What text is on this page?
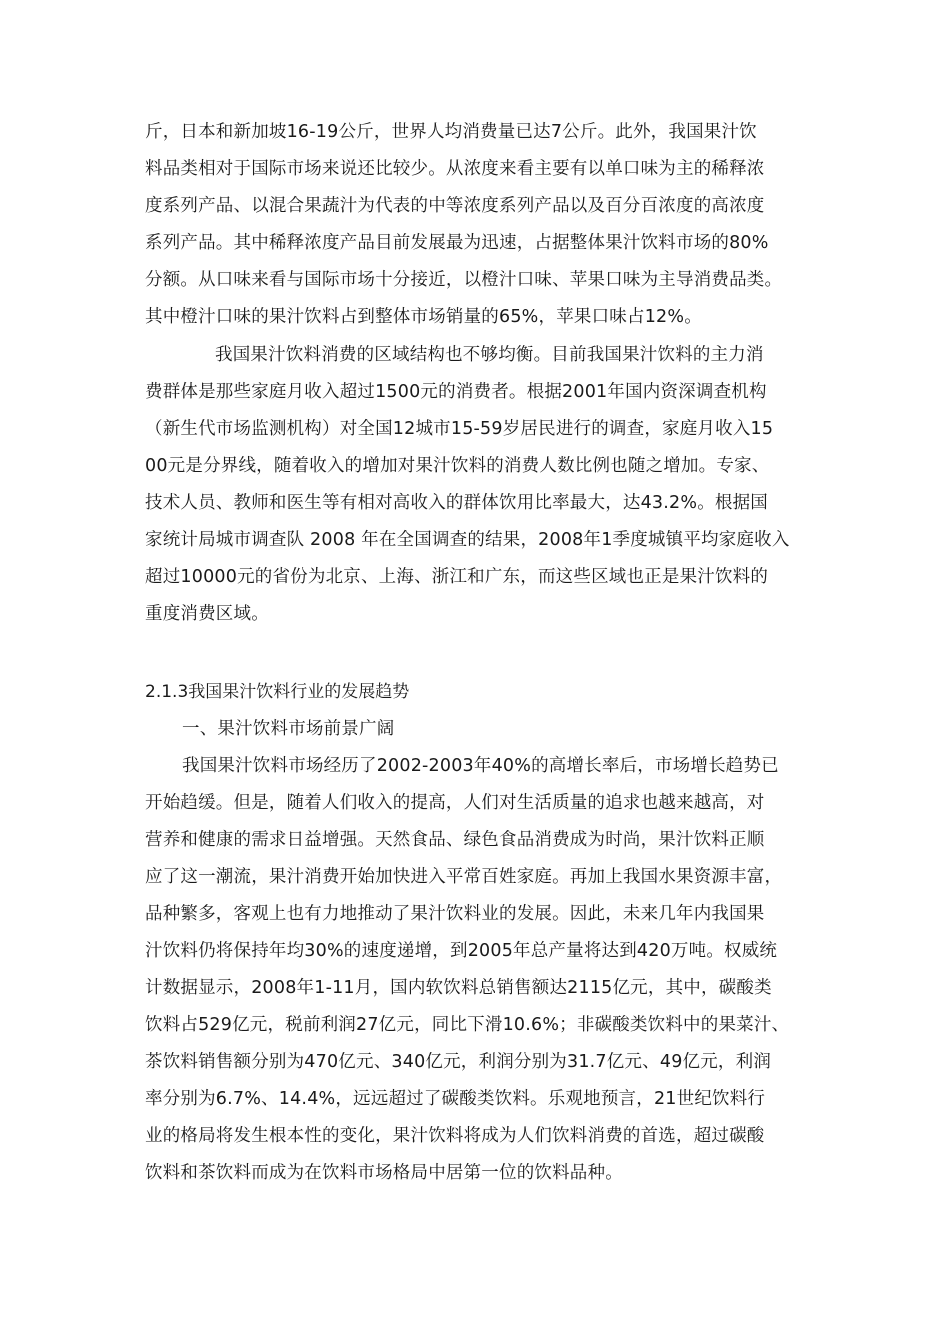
斤，日本和新加坡16-19公斤，世界人均消费量已达7公斤。此外，我国果汁饮
料品类相对于国际市场来说还比较少。从浓度来看主要有以单口味为主的稀释浓
度系列产品、以混合果蔬汁为代表的中等浓度系列产品以及百分百浓度的高浓度
系列产品。其中稀释浓度产品目前发展最为迅速，占据整体果汁饮料市场的80%
分额。从口味来看与国际市场十分接近，以橙汁口味、苹果口味为主导消费品类。
其中橙汁口味的果汁饮料占到整体市场销量的65%，苹果口味占12%。
我国果汁饮料消费的区域结构也不够均衡。目前我国果汁饮料的主力消
费群体是那些家庭月收入超过1500元的消费者。根据2001年国内资深调查机构
（新生代市场监测机构）对全国12城市15-59岁居民进行的调查，家庭月收入15
00元是分界线，随着收入的增加对果汁饮料的消费人数比例也随之增加。专家、
技术人员、教师和医生等有相对高收入的群体饮用比率最大，达43.2%。根据国
家统计局城市调查队 2008 年在全国调查的结果，2008年1季度城镇平均家庭收入
超过10000元的省份为北京、上海、浙江和广东，而这些区域也正是果汁饮料的
重度消费区域。
2.1.3我国果汁饮料行业的发展趋势
一、果汁饮料市场前景广阔
我国果汁饮料市场经历了2002-2003年40%的高增长率后，市场增长趋势已
开始趋缓。但是，随着人们收入的提高，人们对生活质量的追求也越来越高，对
营养和健康的需求日益增强。天然食品、绿色食品消费成为时尚，果汁饮料正顺
应了这一潮流，果汁消费开始加快进入平常百姓家庭。再加上我国水果资源丰富，
品种繁多，客观上也有力地推动了果汁饮料业的发展。因此，未来几年内我国果
汁饮料仍将保持年均30%的速度递增，到2005年总产量将达到420万吨。权威统
计数据显示，2008年1-11月，国内软饮料总销售额达2115亿元，其中，碳酸类
饮料占529亿元，税前利润27亿元，同比下滑10.6%；非碳酸类饮料中的果菜汁、
茶饮料销售额分别为470亿元、340亿元，利润分别为31.7亿元、49亿元，利润
率分别为6.7%、14.4%，远远超过了碳酸类饮料。乐观地预言，21世纪饮料行
业的格局将发生根本性的变化，果汁饮料将成为人们饮料消费的首选，超过碳酸
饮料和茶饮料而成为在饮料市场格局中居第一位的饮料品种。
